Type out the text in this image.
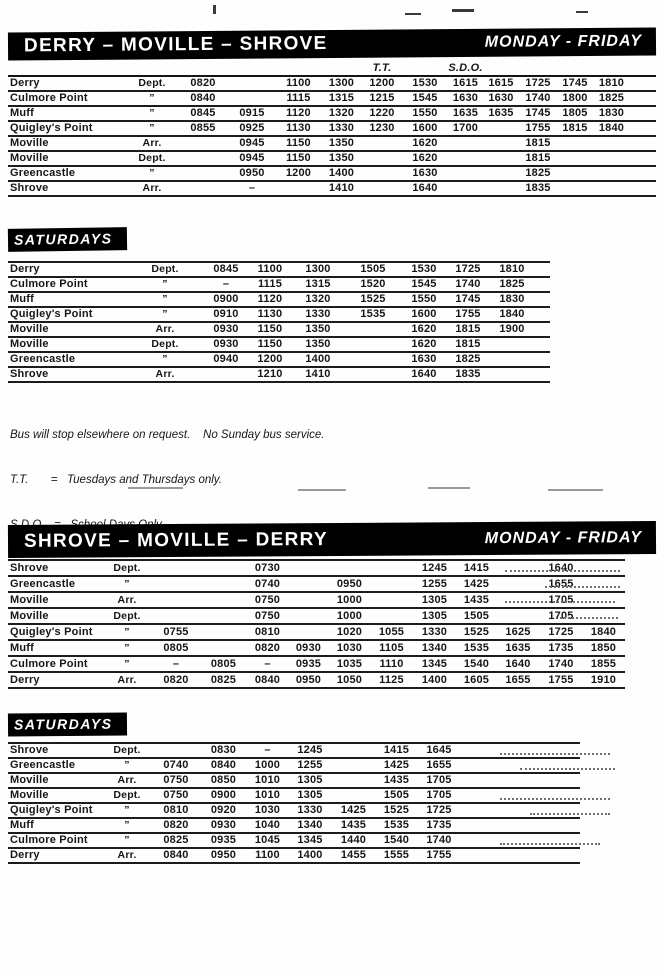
DERRY – MOVILLE – SHROVE	MONDAY - FRIDAY
						T.T.		S.D.O.					
Derry	Dept.	0820		1100	1300	1200	1530	1615	1615	1725	1745	1810	
Culmore Point	”	0840		1115	1315	1215	1545	1630	1630	1740	1800	1825	
Muff	”	0845	0915	1120	1320	1220	1550	1635	1635	1745	1805	1830	
Quigley's Point	”	0855	0925	1130	1330	1230	1600	1700		1755	1815	1840	
Moville	Arr.		0945	1150	1350		1620			1815			
Moville	Dept.		0945	1150	1350		1620			1815			
Greencastle	”		0950	1200	1400		1630			1825			
Shrove	Arr.		–		1410		1640			1835			
SATURDAYS
Derry	Dept.	0845	1100	1300	1505	1530	1725	1810	
Culmore Point	”	–	1115	1315	1520	1545	1740	1825	
Muff	”	0900	1120	1320	1525	1550	1745	1830	
Quigley's Point	”	0910	1130	1330	1535	1600	1755	1840	
Moville	Arr.	0930	1150	1350		1620	1815	1900	
Moville	Dept.	0930	1150	1350		1620	1815		
Greencastle	”	0940	1200	1400		1630	1825		
Shrove	Arr.		1210	1410		1640	1835		

Bus will stop elsewhere on request.    No Sunday bus service.

T.T.       =   Tuesdays and Thursdays only.

SHROVE – MOVILLE – DERRY	MONDAY - FRIDAY
Shrove	Dept.			0730				1245	1415		1640	
Greencastle	”			0740		0950		1255	1425		1655	
Moville	Arr.			0750		1000		1305	1435		1705	
Moville	Dept.			0750		1000		1305	1505		1705	
Quigley's Point	”	0755		0810		1020	1055	1330	1525	1625	1725	1840
Muff	”	0805		0820	0930	1030	1105	1340	1535	1635	1735	1850
Culmore Point	”	–	0805	–	0935	1035	1110	1345	1540	1640	1740	1855
Derry	Arr.	0820	0825	0840	0950	1050	1125	1400	1605	1655	1755	1910
SATURDAYS
Shrove	Dept.		0830	–	1245		1415	1645	
Greencastle	”	0740	0840	1000	1255		1425	1655	
Moville	Arr.	0750	0850	1010	1305		1435	1705	
Moville	Dept.	0750	0900	1010	1305		1505	1705	
Quigley's Point	”	0810	0920	1030	1330	1425	1525	1725	
Muff	”	0820	0930	1040	1340	1435	1535	1735	
Culmore Point	”	0825	0935	1045	1345	1440	1540	1740	
Derry	Arr.	0840	0950	1100	1400	1455	1555	1755	
